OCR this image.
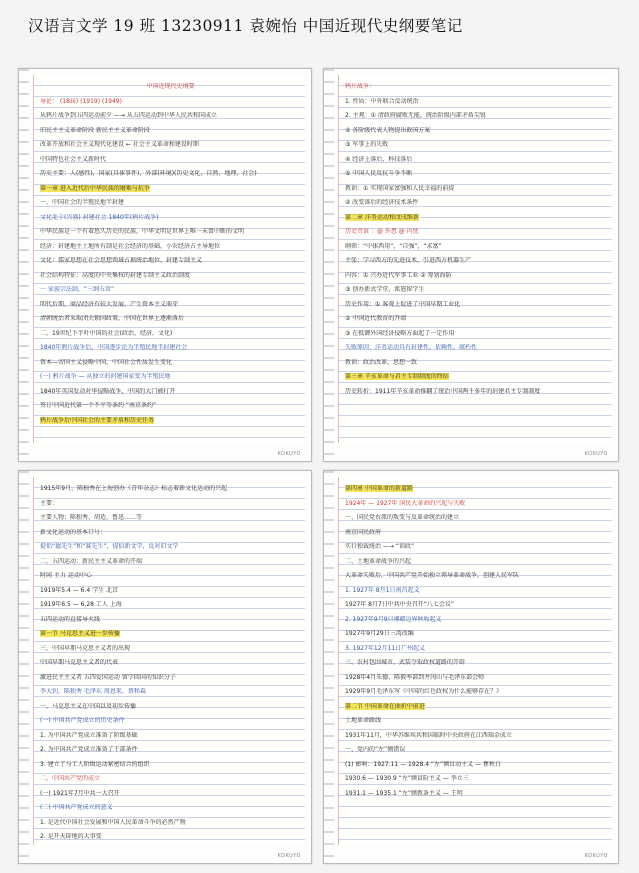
汉语言文学 19 班 13230911 袁婉怡 中国近现代史纲要笔记
中国近现代史纲要
导论： (18届) (1919) (1949)
从鸦片战争到五四运动前夕 —→ 从五四运动到中华人民共和国成立
旧民主主义革命阶段 新民主主义革命阶段
改革开放和社会主义现代化建设 ← 社会主义革命和建设时期
中国特色社会主义新时代
历史主要：人(感性)，国家(具体事件)，外部(环境)(历史文化、自然、地理、社会)
第一章 进入近代后中华民族的磨难与抗争
一、中国社会的半殖民地半封建
文化处于(兴盛) 封建社会 1840年(鸦片战争)
中华民族是一个有着悠久历史的民族，中华文明是世界上唯一未曾中断的文明
经济：封建地主土地所有制是社会经济的基础，小农经济占主导地位
文化：儒家思想在社会思想领域占据统治地位，封建专制主义
社会结构特征：高度的中央集权的封建专制主义政治制度
一 家族宗法制，“三纲五常”
明代后期，商品经济有较大发展，产生资本主义萌芽
清朝统治者采取闭关锁国政策，中国在世界上逐渐落后
二、19世纪下半叶中国的社会(政治，经济，文化)
1840年鸦片战争后，中国逐步沦为半殖民地半封建社会
资本—帝国主义侵略中国，中国社会性质发生变化
(一) 鸦片战争 — 从独立的封建国家变为半殖民地
1840年英国发动对华侵略战争，中国的大门被打开
签订中国近代第一个不平等条约 “南京条约”
鸦片战争后中国社会的主要矛盾和历史任务
KOKUYO
鸦片战争：
1. 性质：中外联合反动统治
2. 主观：① 清政府腐败无能，统治阶级内部矛盾尖锐
② 各阶级代表人物提出救国方案
③ 军事上的失败
④ 经济上落后，科技落后
⑤ 中国人民反抗斗争不断
教训：① 实现国家富强和人民幸福的前提
② 改变落后的经济技术条件
第二章 洋务运动和戊戌维新
历史背景 ：@ 外患 @ 内忧
纲领：“中体西用”，“自强”，“求富”
主张：学习西方的先进技术，引进西方机器生产
内容：① 兴办近代军事工业 ② 筹划海防
③ 创办新式学堂，派遣留学生
历史作用：① 客观上促进了中国早期工业化
② 中国近代教育的开端
③ 在抵御外国经济侵略方面起了一定作用
失败原因：洋务运动具有封建性，依赖性，腐朽性
教训：政治改革，思想一致
第三章 辛亥革命与君主专制制度的终结
历史转折：1911年辛亥革命推翻了统治中国两千多年的封建君主专制制度
KOKUYO
1915年9月，陈独秀在上海创办《青年杂志》标志着新文化运动的兴起
主要：
主要人物：陈独秀、胡适、鲁迅……等
新文化运动的基本口号：
提倡“德先生”和“赛先生”，提倡新文学，反对旧文学
二、五四运动：新民主主义革命的开端
时间 主力 运动中心
1919年5.4 — 6.4 学生 北京
1919年6.5 — 6.28 工人 上海
五四运动的直接导火线
第一节 马克思主义进一步传播
三、中国早期马克思主义者的出现
中国早期马克思主义者的代表
激进民主主义者 五四爱国运动 留学回国的知识分子
李大钊，陈独秀 毛泽东 周恩来，蔡和森
一、马克思主义在中国以及初步传播
(一) 中国共产党成立的历史条件
1. 为中国共产党成立准备了阶级基础
2. 为中国共产党成立准备了干部条件
3. 建立了与工人阶级运动紧密结合的组织
二、中国共产党的成立
(一) 1921年7月中共一大召开
(二) 中国共产党成立的意义
1. 是近代中国社会发展和中国人民革命斗争的必然产物
2. 是开天辟地的大事变
KOKUYO
第四章 中国革命的新道路
1924年 — 1927年 国民大革命的兴起与失败
一、国民党右派的叛变与反革命统治的建立
南京国民政府
实行独裁统治 —→ “训政”
二、土地革命战争的兴起
大革命失败后，中国共产党开始独立领导革命战争，创建人民军队
1. 1927年 8月1日南昌起义
1927年 8月7日中共中央召开“八七会议”
2. 1927年9月9日湘赣边界秋收起义
1927年9月29日三湾改编
3. 1927年12月11日广州起义
三、农村包围城市，武装夺取政权道路的开辟
1928年4月朱德、陈毅率部到井冈山与毛泽东部会师
1929年9月毛泽东写《中国的红色政权为什么能够存在？》
第二节 中国革命在曲折中前进
土地革命路线
1931年11月，中华苏维埃共和国临时中央政府在江西瑞金成立
一、党内的“左”倾错误
(1) 影响：1927.11 — 1928.4 “左”倾盲动主义 — 瞿秋白
1930.6 — 1930.9 “左”倾冒险主义 — 李立三
1931.1 — 1935.1 “左”倾教条主义 — 王明
KOKUYO
